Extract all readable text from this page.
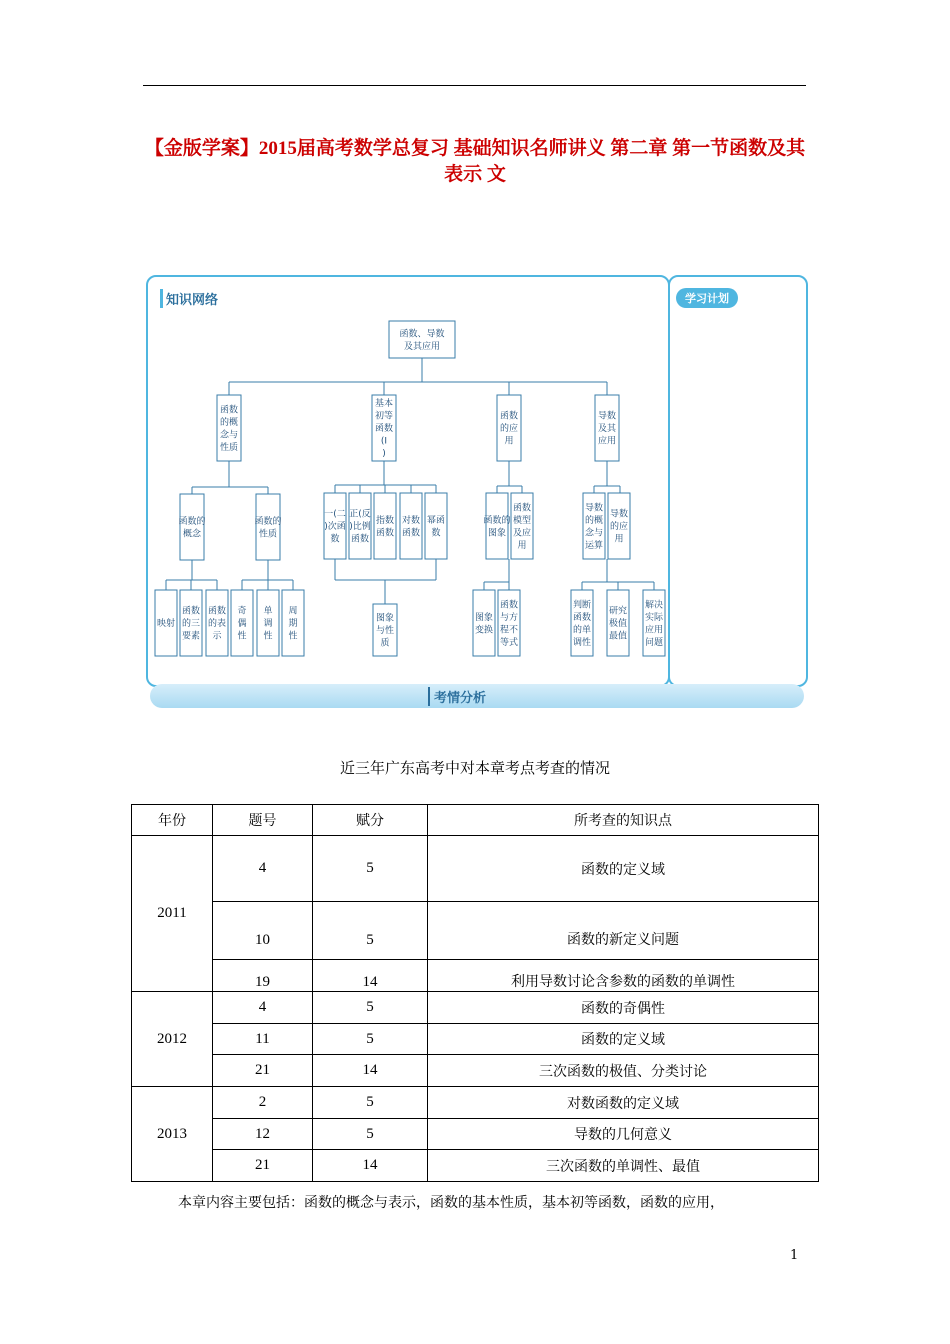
【金版学案】2015届高考数学总复习 基础知识名师讲义 第二章 第一节函数及其表示 文
知识网络	学习计划
考情分析
函数、导数
及其应用
函数
的概
念与
性质
基本
初等
函数
(I
)
函数
的应
用
导数
及其
应用
函数的
概念
函数的
性质
一(二
)次函
数
正(反
)比例
函数
指数
函数
对数
函数
幂函
数
图象
与性
质
函数的
图象
函数
模型
及应
用
图象
变换
函数
与方
程不
等式
导数
的概
念与
运算
导数
的应
用
判断
函数
的单
调性
研究
极值
最值
解决
实际
应用
问题
映射
函数
的三
要素
函数
的表
示
奇
偶
性
单
调
性
周
期
性
近三年广东高考中对本章考点考查的情况
年份	题号	赋分	所考查的知识点
2011	4	5	函数的定义域
	10	5	函数的新定义问题
	19	14	利用导数讨论含参数的函数的单调性
2012	4	5	函数的奇偶性
	11	5	函数的定义域
	21	14	三次函数的极值、分类讨论
2013	2	5	对数函数的定义域
	12	5	导数的几何意义
	21	14	三次函数的单调性、最值
本章内容主要包括：函数的概念与表示，函数的基本性质，基本初等函数，函数的应用，
1
